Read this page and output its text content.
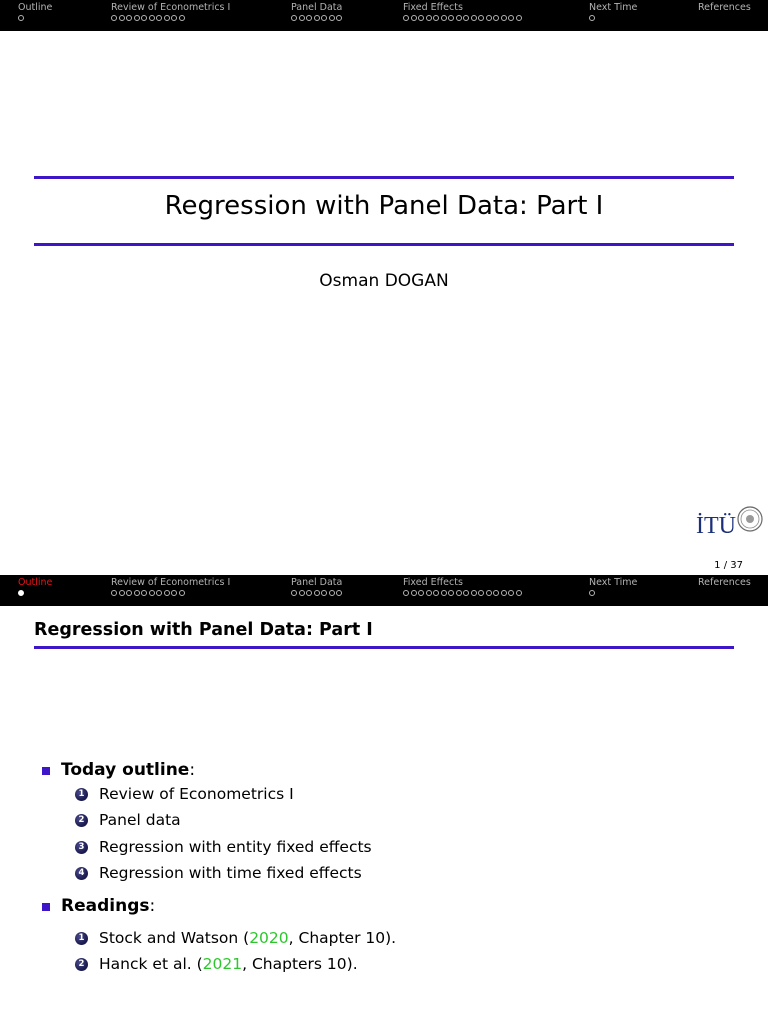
Outline	Review of Econometrics I	Panel Data	Fixed Effects	Next Time	References
Regression with Panel Data: Part I
Osman DOGAN
İTÜ
1 / 37
Outline	Review of Econometrics I	Panel Data	Fixed Effects	Next Time	References
Regression with Panel Data: Part I
Today outline:
1 Review of Econometrics I
2 Panel data
3 Regression with entity fixed effects
4 Regression with time fixed effects
Readings:
1 Stock and Watson (2020, Chapter 10).
2 Hanck et al. (2021, Chapters 10).
